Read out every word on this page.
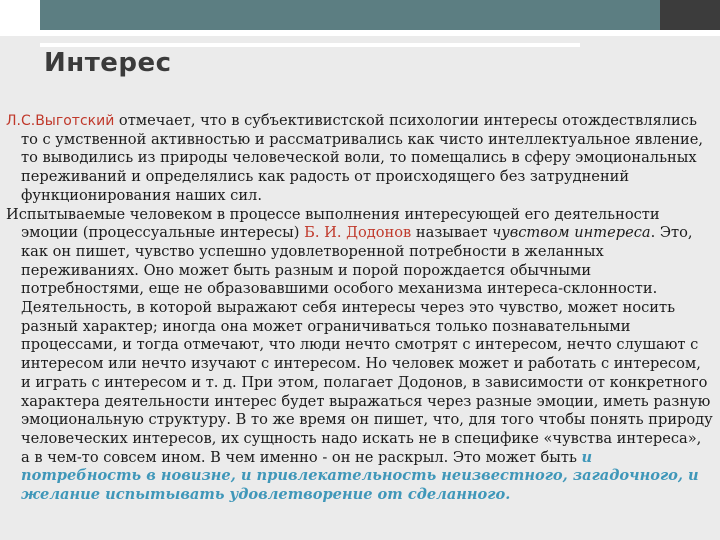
Интерес

Л.С.Выготский отмечает, что в субъективистской психологии интересы отождествлялись то с умственной активностью и рассматривались как чисто интеллектуальное явление, то выводились из природы человеческой воли, то помещались в сферу эмоциональных переживаний и определялись как радость от происходящего без затруднений функционирования наших сил.

Испытываемые человеком в процессе выполнения интересующей его деятельности эмоции (процессуальные интересы) Б. И. Додонов называет чувством интереса. Это, как он пишет, чувство успешно удовлетворенной потребности в желанных переживаниях. Оно может быть разным и порой порождается обычными потребностями, еще не образовавшими особого механизма интереса-склонности. Деятельность, в которой выражают себя интересы через это чувство, может носить разный характер; иногда она может ограничиваться только познавательными процессами, и тогда отмечают, что люди нечто смотрят с интересом, нечто слушают с интересом или нечто изучают с интересом. Но человек может и работать с интересом, и играть с интересом и т. д. При этом, полагает Додонов, в зависимости от конкретного характера деятельности интерес будет выражаться через разные эмоции, иметь разную эмоциональную структуру. В то же время он пишет, что, для того чтобы понять природу человеческих интересов, их сущность надо искать не в специфике «чувства интереса», а в чем-то совсем ином. В чем именно - он не раскрыл. Это может быть и потребность в новизне, и привлекательность неизвестного, загадочного, и желание испытывать удовлетворение от сделанного.
